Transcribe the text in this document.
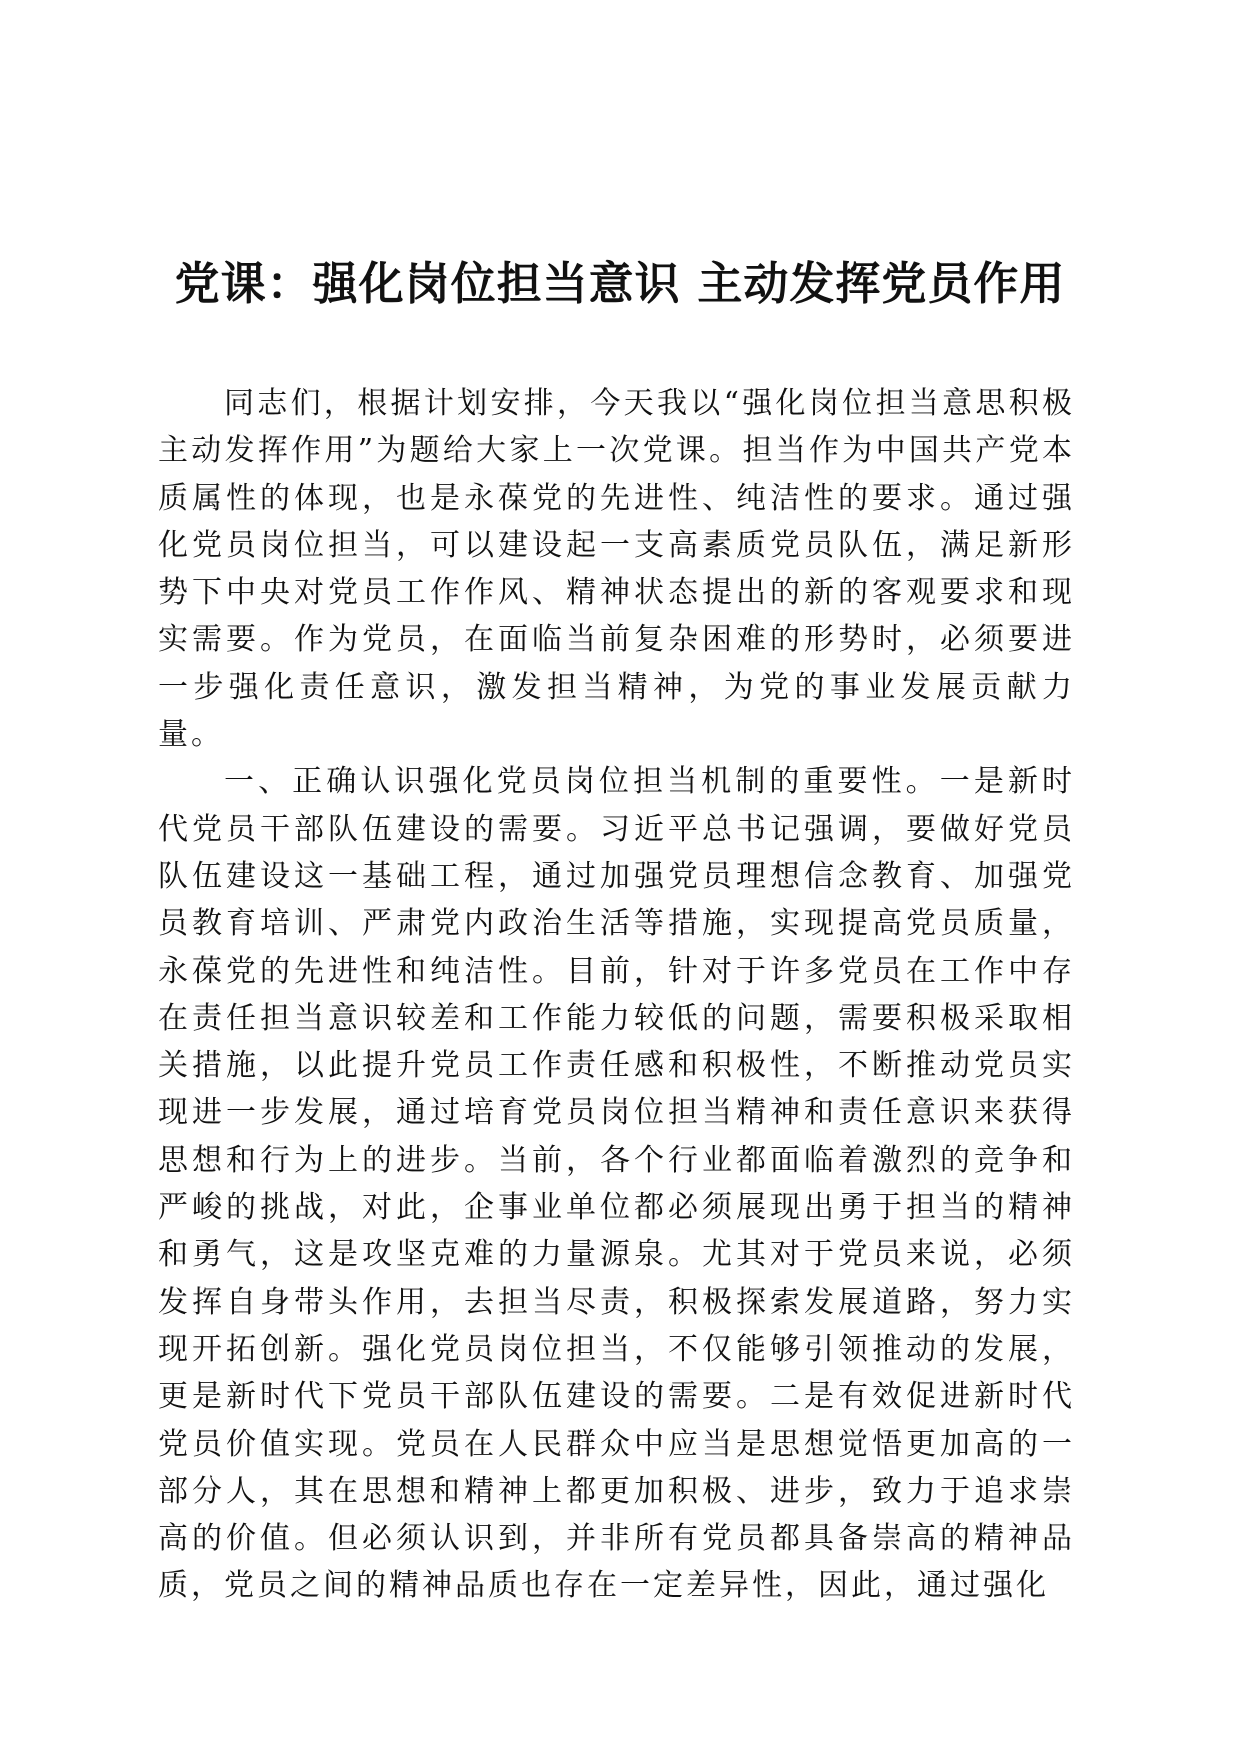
党课：强化岗位担当意识 主动发挥党员作用

同志们，根据计划安排，今天我以“强化岗位担当意思积极主动发挥作用”为题给大家上一次党课。担当作为中国共产党本质属性的体现，也是永葆党的先进性、纯洁性的要求。通过强化党员岗位担当，可以建设起一支高素质党员队伍，满足新形势下中央对党员工作作风、精神状态提出的新的客观要求和现实需要。作为党员，在面临当前复杂困难的形势时，必须要进一步强化责任意识，激发担当精神，为党的事业发展贡献力量。

一、正确认识强化党员岗位担当机制的重要性。一是新时代党员干部队伍建设的需要。习近平总书记强调，要做好党员队伍建设这一基础工程，通过加强党员理想信念教育、加强党员教育培训、严肃党内政治生活等措施，实现提高党员质量，永葆党的先进性和纯洁性。目前，针对于许多党员在工作中存在责任担当意识较差和工作能力较低的问题，需要积极采取相关措施，以此提升党员工作责任感和积极性，不断推动党员实现进一步发展，通过培育党员岗位担当精神和责任意识来获得思想和行为上的进步。当前，各个行业都面临着激烈的竞争和严峻的挑战，对此，企事业单位都必须展现出勇于担当的精神和勇气，这是攻坚克难的力量源泉。尤其对于党员来说，必须发挥自身带头作用，去担当尽责，积极探索发展道路，努力实现开拓创新。强化党员岗位担当，不仅能够引领推动的发展，更是新时代下党员干部队伍建设的需要。二是有效促进新时代党员价值实现。党员在人民群众中应当是思想觉悟更加高的一部分人，其在思想和精神上都更加积极、进步，致力于追求崇高的价值。但必须认识到，并非所有党员都具备崇高的精神品质，党员之间的精神品质也存在一定差异性，因此，通过强化
